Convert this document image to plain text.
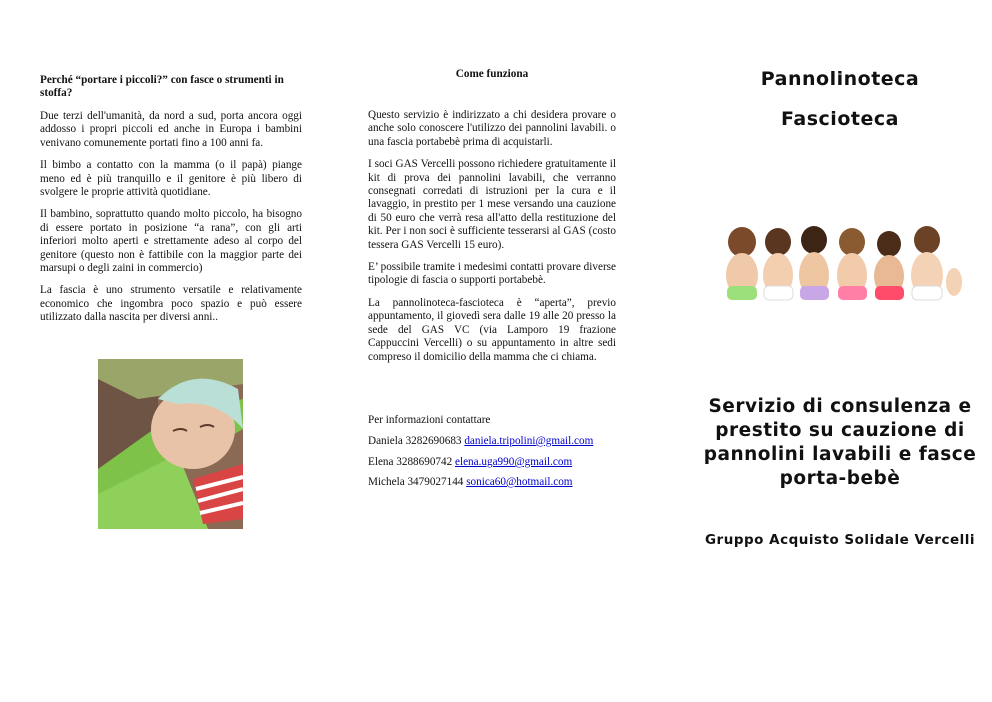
Perché “portare i piccoli?” con fasce o strumenti in stoffa?

Due terzi dell'umanità, da nord a sud, porta ancora oggi addosso i propri piccoli ed anche in Europa i bambini venivano comunemente portati fino a 100 anni fa.

Il bimbo a contatto con la mamma (o il papà) piange meno ed è più tranquillo e il genitore è più libero di svolgere le proprie attività quotidiane.

Il bambino, soprattutto quando molto piccolo, ha bisogno di essere portato in posizione “a rana”, con gli arti inferiori molto aperti e strettamente adeso al corpo del genitore (questo non è fattibile con la maggior parte dei marsupi o degli zaini in commercio)

La fascia è uno strumento versatile e relativamente economico che ingombra poco spazio e può essere utilizzato dalla nascita per diversi anni..

Come funziona

Questo servizio è indirizzato a chi desidera provare o anche solo conoscere l'utilizzo dei pannolini lavabili. o una fascia portabebè prima di acquistarli.

I soci GAS Vercelli possono richiedere gratuitamente il kit di prova dei pannolini lavabili, che verranno consegnati corredati di istruzioni per la cura e il lavaggio, in prestito per 1 mese versando una cauzione di 50 euro che verrà resa all'atto della restituzione del kit. Per i non soci è sufficiente tesserarsi al GAS (costo tessera GAS Vercelli 15 euro).

E’ possibile tramite i medesimi contatti provare diverse tipologie di fascia o supporti portabebè.

La pannolinoteca-fascioteca è “aperta”, previo appuntamento, il giovedì sera dalle 19 alle 20 presso la sede del GAS VC (via Lamporo 19 frazione Cappuccini Vercelli) o su appuntamento in altre sedi compreso il domicilio della mamma che ci chiama.

Per informazioni contattare

Daniela 3282690683 daniela.tripolini@gmail.com

Elena 3288690742 elena.uga990@gmail.com

Michela 3479027144 sonica60@hotmail.com

Pannolinoteca

Fascioteca

Servizio di consulenza e prestito su cauzione di pannolini lavabili e fasce porta-bebè

Gruppo Acquisto Solidale Vercelli
